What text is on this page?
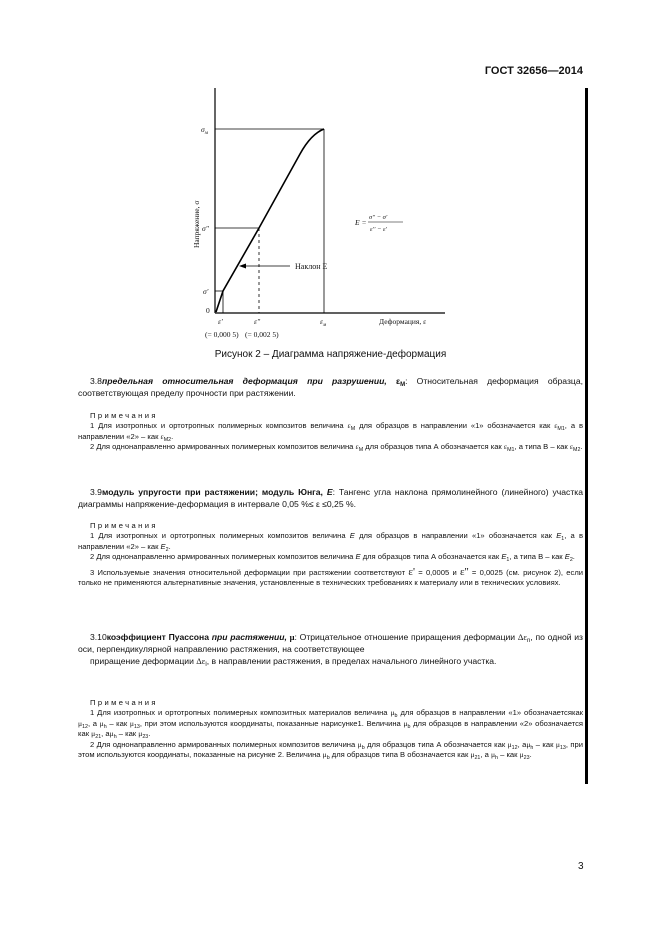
ГОСТ 32656—2014
Наклон E
$\sigma_м$
σ''
σ'
0
Напряжение, σ
ε'	ε''	$\varepsilon_м$	Деформация, ε
(= 0,000 5) (= 0,002 5)
E =
σ'' − σ'
ε'' − ε'
Рисунок 2 – Диаграмма напряжение-деформация

3.8предельная относительная деформация при разрушении, $\varepsilon_M$: Относительная деформация образца, соответствующая пределу прочности при растяжении.

Примечания

1 Для изотропных и ортотропных полимерных композитов величина $\varepsilon_M$ для образцов в направлении «1» обозначается как $\varepsilon_{M1}$, а в направлении «2» – как $\varepsilon_{M2}$.

2 Для однонаправленно армированных полимерных композитов величина $\varepsilon_M$ для образцов типа А обозначается как $\varepsilon_{M1}$, а типа В – как $\varepsilon_{M2}$.

3.9модуль упругости при растяжении; модуль Юнга, E: Тангенс угла наклона прямолинейного (линейного) участка диаграммы напряжение-деформация в интервале 0,05 %≤ ε ≤0,25 %.

Примечания

1 Для изотропных и ортотропных полимерных композитов величина E для образцов в направлении «1» обозначается как $E_1$, а в направлении «2» – как $E_2$.

2 Для однонаправленно армированных полимерных композитов величина E для образцов типа А обозначается как $E_1$, а типа В – как $E_2$.

3 Используемые значения относительной деформации при растяжении соответствуют ε' = 0,0005 и ε'' = 0,0025 (см. рисунок 2), если только не применяются альтернативные значения, установленные в технических требованиях к материалу или в технических условиях.

3.10коэффициент Пуассона при растяжении, μ: Отрицательное отношение приращения деформации $\Delta\varepsilon_n$, по одной из оси, перпендикулярной направлению растяжения, на соответствующее

приращение деформации $\Delta\varepsilon_l$, в направлении растяжения, в пределах начального линейного участка.

Примечания

1 Для изотропных и ортотропных полимерных композитных материалов величина $\mu_b$ для образцов в направлении «1» обозначаетсякак $\mu_{12}$, а $\mu_h$ – как $\mu_{13}$, при этом используются координаты, показанные нарисунке1. Величина $\mu_b$ для образцов в направлении «2» обозначается как $\mu_{21}$, $а\mu_h$ – как $\mu_{23}$.

2 Для однонаправленно армированных полимерных композитов величина $\mu_b$ для образцов типа А обозначается как $\mu_{12}$, $а\mu_h$ – как $\mu_{13}$, при этом используются координаты, показанные на рисунке 2. Величина $\mu_b$ для образцов типа В обозначается как $\mu_{21}$, а $\mu_h$ – как $\mu_{23}$.

3
